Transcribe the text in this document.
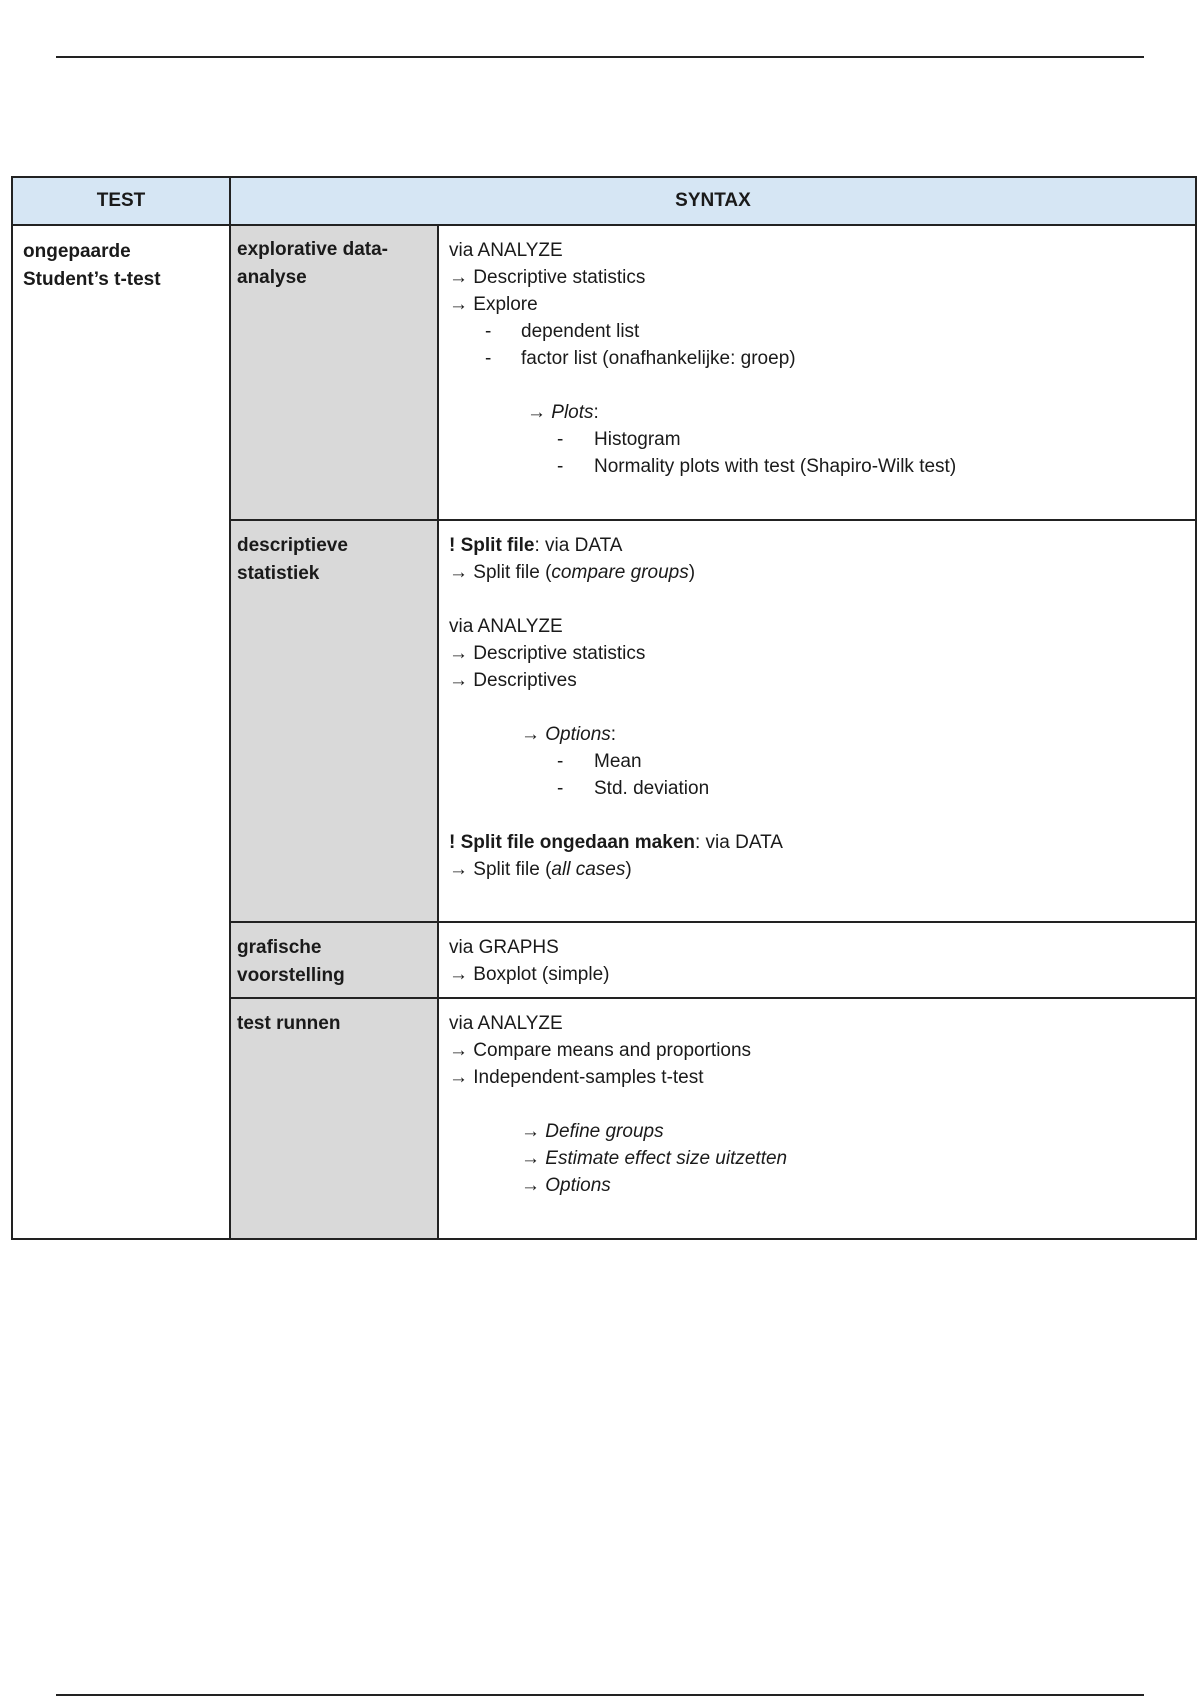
TEST	SYNTAX
ongepaarde
Student’s t-test
explorative data-
analyse
via ANALYZE
→ Descriptive statistics
→ Explore
- dependent list
- factor list (onafhankelijke: groep)
→ Plots:
- Histogram
- Normality plots with test (Shapiro-Wilk test)
descriptieve
statistiek
! Split file: via DATA
→ Split file (compare groups)
via ANALYZE
→ Descriptive statistics
→ Descriptives
→ Options:
- Mean
- Std. deviation
! Split file ongedaan maken: via DATA
→ Split file (all cases)
grafische
voorstelling
via GRAPHS
→ Boxplot (simple)
test runnen	via ANALYZE
→ Compare means and proportions
→ Independent-samples t-test
→ Define groups
→ Estimate effect size uitzetten
→ Options
